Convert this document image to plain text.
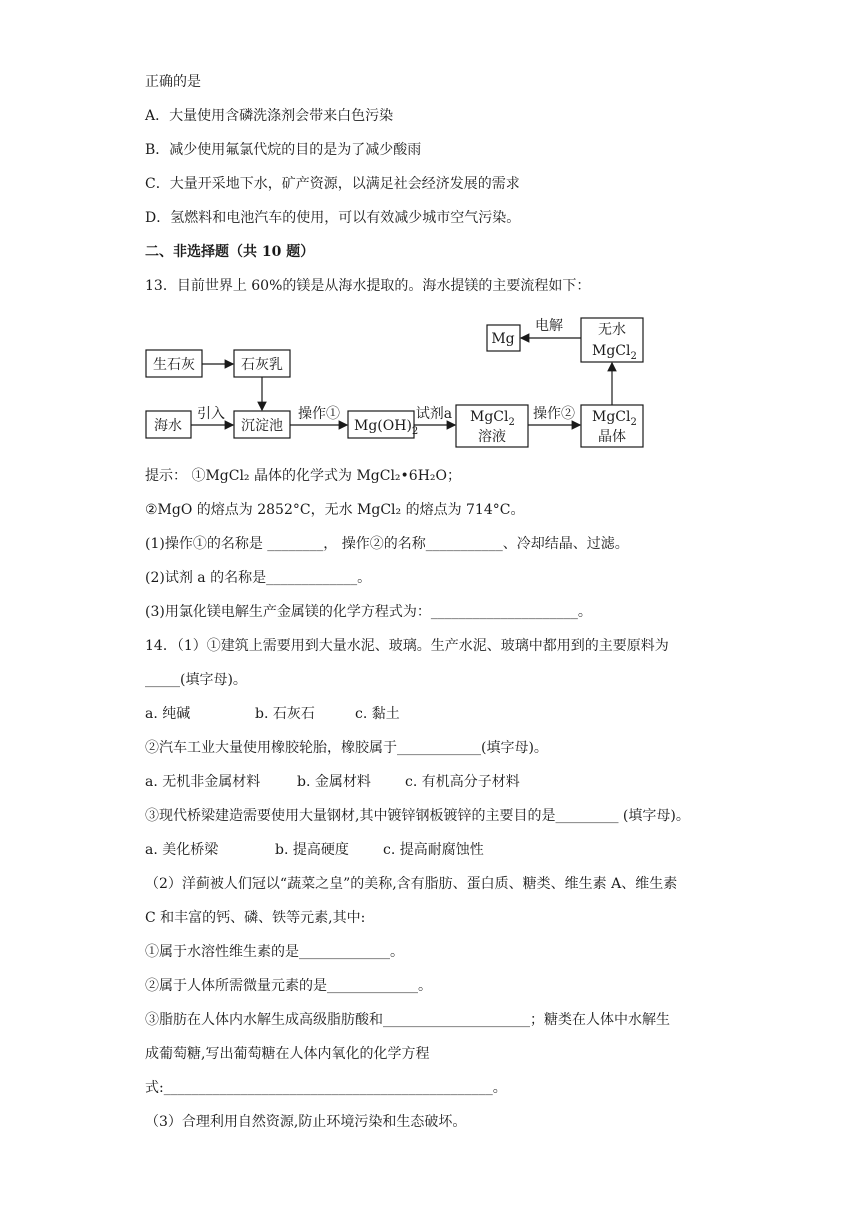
正确的是
A．大量使用含磷洗涤剂会带来白色污染
B．减少使用氟氯代烷的目的是为了减少酸雨
C．大量开采地下水，矿产资源，以满足社会经济发展的需求
D．氢燃料和电池汽车的使用，可以有效减少城市空气污染。
二、非选择题（共 10 题）
13．目前世界上 60%的镁是从海水提取的。海水提镁的主要流程如下：
生石灰	石灰乳
海水
引入
沉淀池
操作①
$Mg(OH)_2$
试剂a MgCl$_2$
溶液
操作② MgCl$_2$
晶体
无水
MgCl$_2$
Mg
电解
提示： ①MgCl₂ 晶体的化学式为 MgCl₂•6H₂O；
②MgO 的熔点为 2852°C，无水 MgCl₂ 的熔点为 714°C。
(1)操作①的名称是 ________， 操作②的名称___________、冷却结晶、过滤。
(2)试剂 a 的名称是_____________。
(3)用氯化镁电解生产金属镁的化学方程式为：_____________________。
14．（1）①建筑上需要用到大量水泥、玻璃。生产水泥、玻璃中都用到的主要原料为
_____(填字母)。
a. 纯碱	b. 石灰石	c. 黏土
②汽车工业大量使用橡胶轮胎，橡胶属于____________(填字母)。
a. 无机非金属材料	b. 金属材料 c. 有机高分子材料
③现代桥梁建造需要使用大量钢材,其中镀锌钢板镀锌的主要目的是_________ (填字母)。
a. 美化桥梁	b. 提高硬度 c. 提高耐腐蚀性
（2）洋蓟被人们冠以“蔬菜之皇”的美称,含有脂肪、蛋白质、糖类、维生素 A、维生素
C 和丰富的钙、磷、铁等元素,其中:
①属于水溶性维生素的是_____________。
②属于人体所需微量元素的是_____________。
③脂肪在人体内水解生成高级脂肪酸和_____________________；糖类在人体中水解生
成葡萄糖,写出葡萄糖在人体内氧化的化学方程
式:_______________________________________________。
（3）合理利用自然资源,防止环境污染和生态破坏。
